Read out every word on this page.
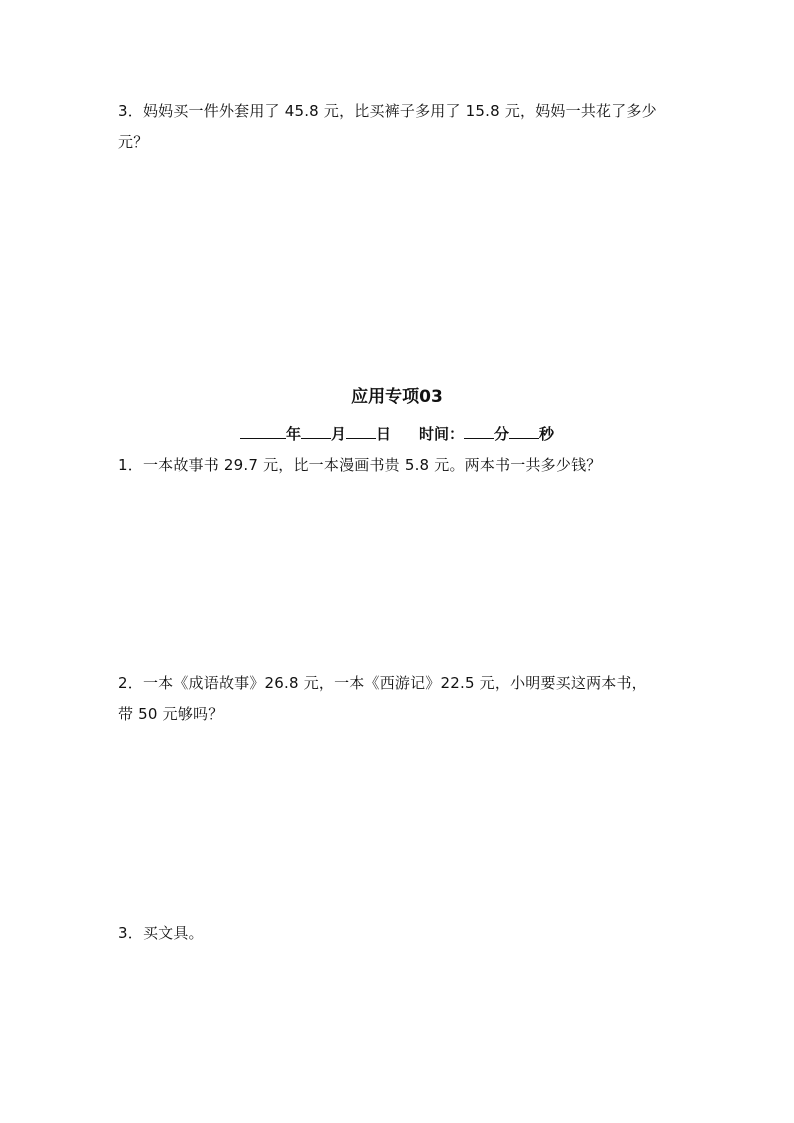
3．妈妈买一件外套用了 45.8 元，比买裤子多用了 15.8 元，妈妈一共花了多少
元？
应用专项03
年 月 日 时间： 分 秒
1．一本故事书 29.7 元，比一本漫画书贵 5.8 元。两本书一共多少钱？
2．一本《成语故事》26.8 元，一本《西游记》22.5 元，小明要买这两本书，
带 50 元够吗？
3．买文具。
